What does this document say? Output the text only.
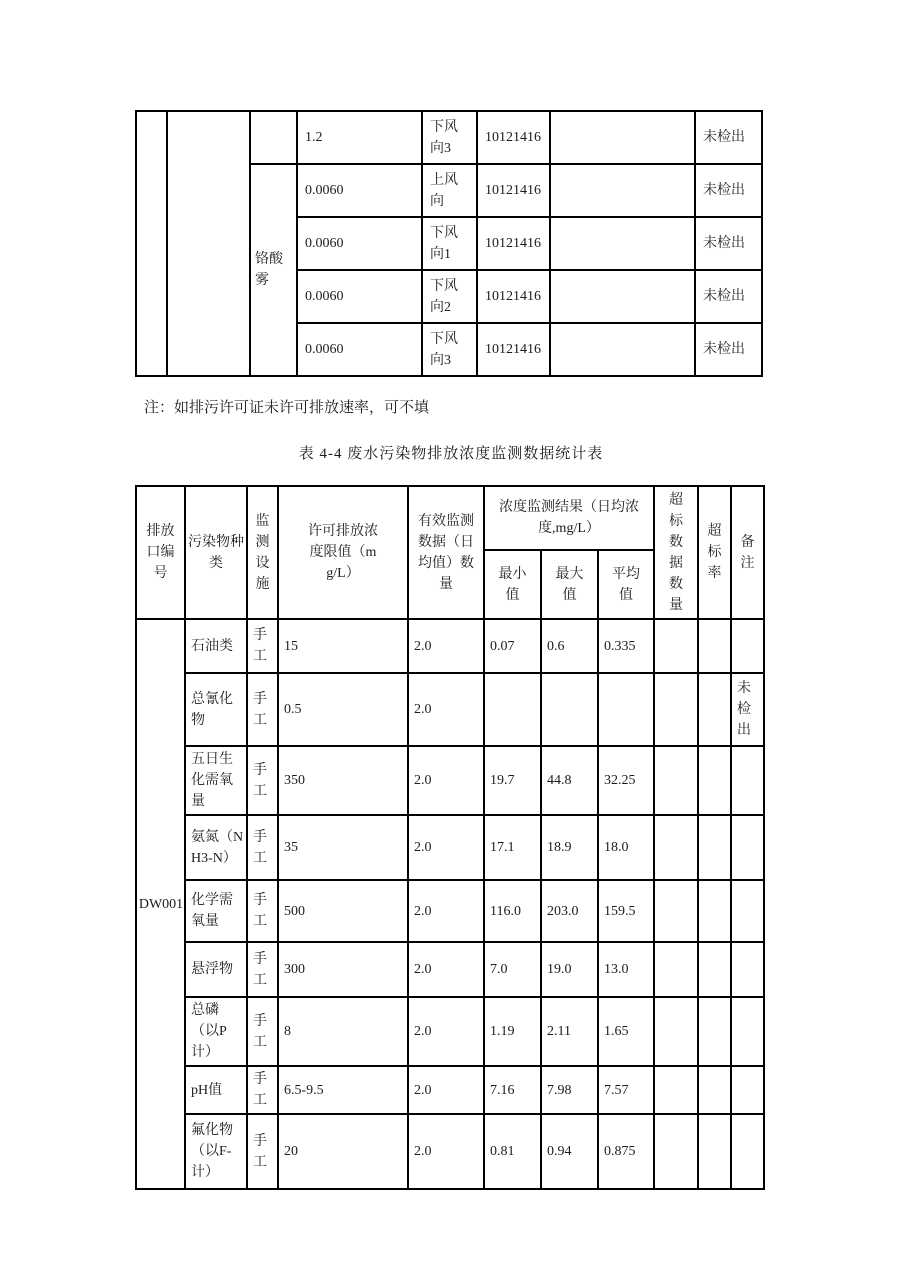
			1.2	下风向3	10121416		未检出
		铬酸雾	0.0060	上风向	10121416		未检出
			0.0060	下风向1	10121416		未检出
			0.0060	下风向2	10121416		未检出
			0.0060	下风向3	10121416		未检出

注：如排污许可证未许可排放速率，可不填

表 4-4 废水污染物排放浓度监测数据统计表

排放口编号	污染物种类	监测设施	许可排放浓度限值（mg/L）	有效监测数据（日均值）数量	浓度监测结果（日均浓度,mg/L）			超标数据数量	超标率	备注

					最小值	最大值	平均值			

DW001	石油类	手工	15	2.0	0.07	0.6	0.335			
	总氰化物	手工	0.5	2.0						未检出
	五日生化需氧量	手工	350	2.0	19.7	44.8	32.25			
	氨氮（NH3-N）	手工	35	2.0	17.1	18.9	18.0			
	化学需氧量	手工	500	2.0	116.0	203.0	159.5			
	悬浮物	手工	300	2.0	7.0	19.0	13.0			
	总磷（以P计）	手工	8	2.0	1.19	2.11	1.65			
	pH值	手工	6.5-9.5	2.0	7.16	7.98	7.57			
	氟化物（以F-计）	手工	20	2.0	0.81	0.94	0.875			
